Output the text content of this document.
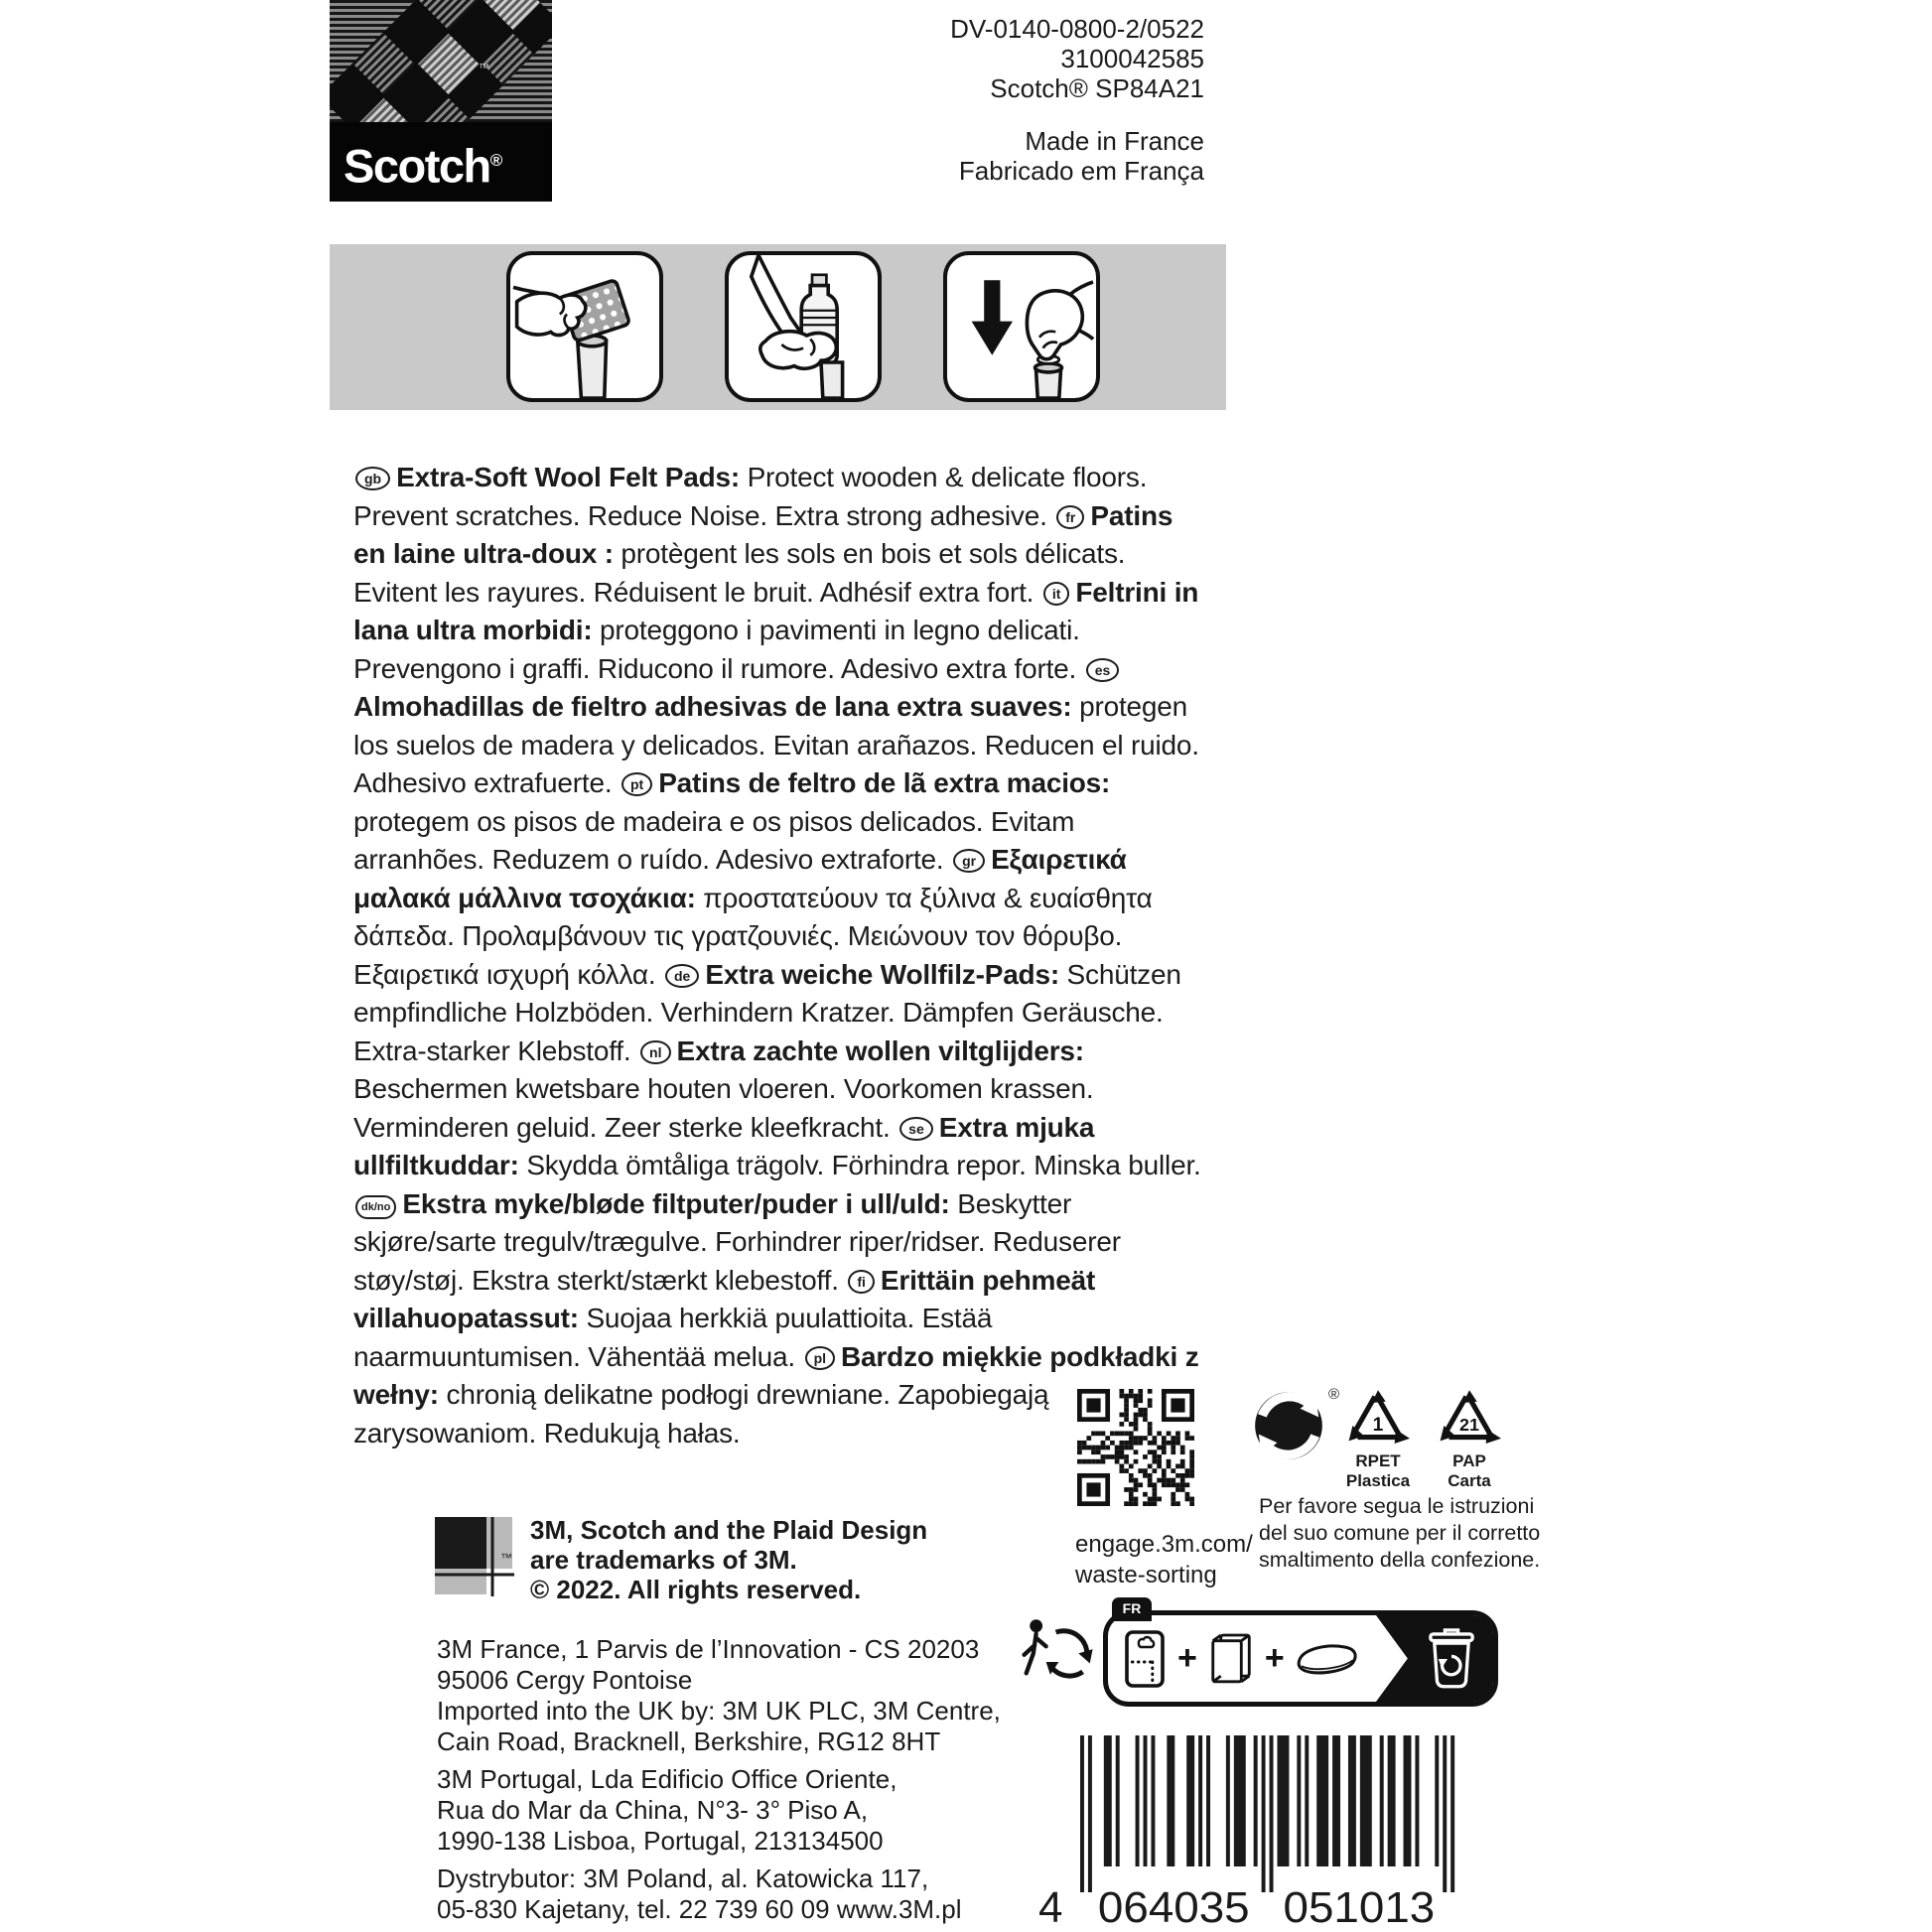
™
Scotch®
DV-0140-0800-2/0522
3100042585
Scotch® SP84A21
Made in France
Fabricado em França
gb Extra-Soft Wool Felt Pads: Protect wooden & delicate floors. Prevent scratches. Reduce Noise. Extra strong adhesive. fr Patins en laine ultra-doux : protègent les sols en bois et sols délicats. Evitent les rayures. Réduisent le bruit. Adhésif extra fort. it Feltrini in lana ultra morbidi: proteggono i pavimenti in legno delicati. Prevengono i graffi. Riducono il rumore. Adesivo extra forte. esAlmohadillas de fieltro adhesivas de lana extra suaves: protegen los suelos de madera y delicados. Evitan arañazos. Reducen el ruido. Adhesivo extrafuerte. pt Patins de feltro de lã extra macios: protegem os pisos de madeira e os pisos delicados. Evitam arranhões. Reduzem o ruído. Adesivo extraforte. gr Εξαιρετικά μαλακά μάλλινα τσοχάκια: προστατεύουν τα ξύλινα & ευαίσθητα δάπεδα. Προλαμβάνουν τις γρατζουνιές. Μειώνουν τον θόρυβο. Εξαιρετικά ισχυρή κόλλα. de Extra weiche Wollfilz-Pads: Schützen empfindliche Holzböden. Verhindern Kratzer. Dämpfen Geräusche. Extra-starker Klebstoff. nl Extra zachte wollen viltglijders: Beschermen kwetsbare houten vloeren. Voorkomen krassen. Verminderen geluid. Zeer sterke kleefkracht. se Extra mjuka ullfiltkuddar: Skydda ömtåliga trägolv. Förhindra repor. Minska buller. dk/no Ekstra myke/bløde filtputer/puder i ull/uld: Beskytter skjøre/sarte tregulv/trægulve. Forhindrer riper/ridser. Reduserer støy/støj. Ekstra sterkt/stærkt klebestoff. fi Erittäin pehmeät villahuopatassut: Suojaa herkkiä puulattioita. Estää naarmuuntumisen. Vähentää melua. pl Bardzo miękkie podkładki z wełny: chronią delikatne podłogi drewniane. Zapobiegają zarysowaniom. Redukują hałas.
engage.3m.com/
waste-sorting
®
1
RPET
Plastica
21
PAP
Carta
Per favore segua le istruzioni
del suo comune per il corretto
smaltimento della confezione.
™
3M, Scotch and the Plaid Design
are trademarks of 3M.
© 2022. All rights reserved.
3M France, 1 Parvis de l’Innovation - CS 20203
95006 Cergy Pontoise
Imported into the UK by: 3M UK PLC, 3M Centre,
Cain Road, Bracknell, Berkshire, RG12 8HT
3M Portugal, Lda Edificio Office Oriente,
Rua do Mar da China, N°3- 3° Piso A,
1990-138 Lisboa, Portugal, 213134500
Dystrybutor: 3M Poland, al. Katowicka 117,
05-830 Kajetany, tel. 22 739 60 09 www.3M.pl
FR
+ +
4 064035 051013
